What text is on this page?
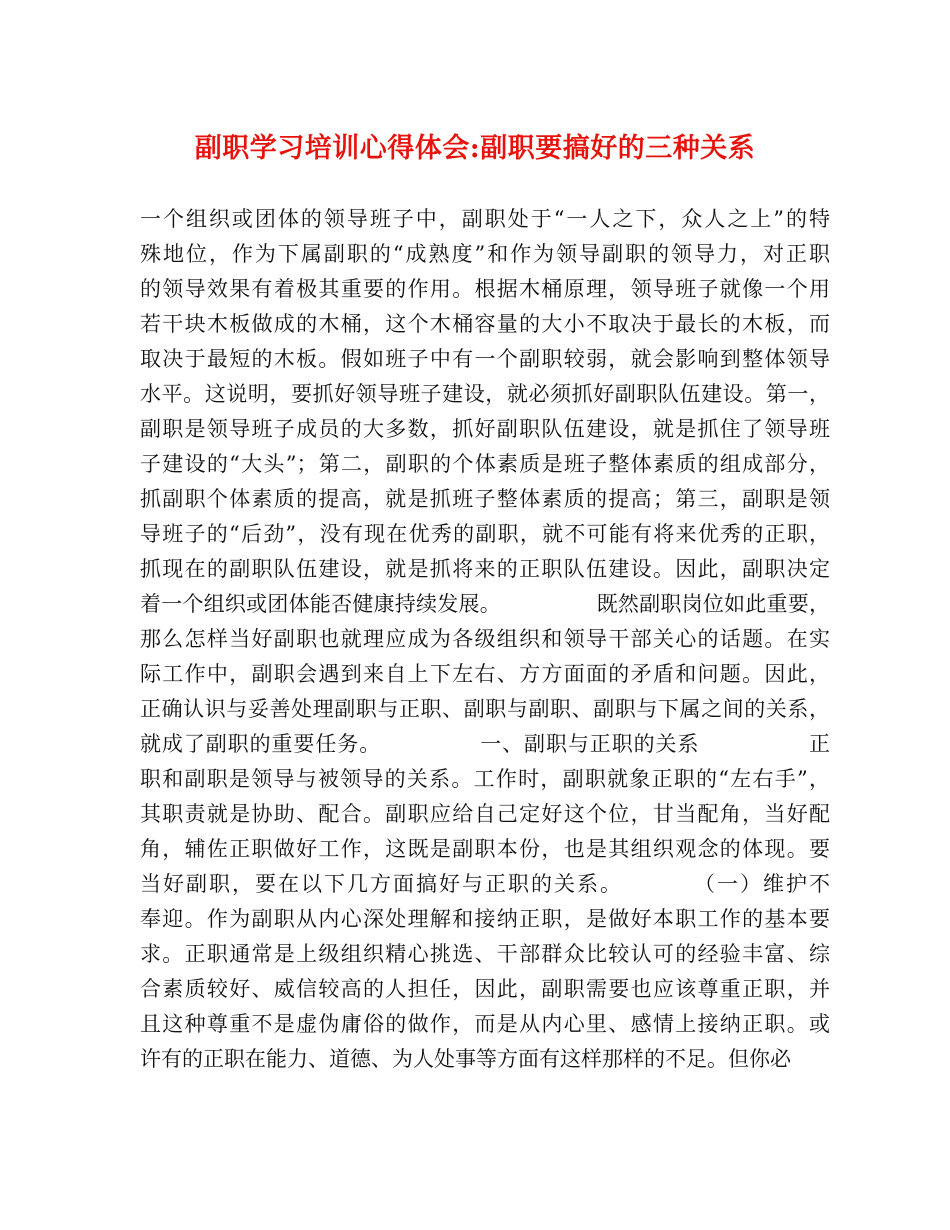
副职学习培训心得体会:副职要搞好的三种关系
一个组织或团体的领导班子中，副职处于“一人之下，众人之上”的特
殊地位，作为下属副职的“成熟度”和作为领导副职的领导力，对正职
的领导效果有着极其重要的作用。根据木桶原理，领导班子就像一个用
若干块木板做成的木桶，这个木桶容量的大小不取决于最长的木板，而
取决于最短的木板。假如班子中有一个副职较弱，就会影响到整体领导
水平。这说明，要抓好领导班子建设，就必须抓好副职队伍建设。第一，
副职是领导班子成员的大多数，抓好副职队伍建设，就是抓住了领导班
子建设的“大头”；第二，副职的个体素质是班子整体素质的组成部分，
抓副职个体素质的提高，就是抓班子整体素质的提高；第三，副职是领
导班子的“后劲”，没有现在优秀的副职，就不可能有将来优秀的正职，
抓现在的副职队伍建设，就是抓将来的正职队伍建设。因此，副职决定
着一个组织或团体能否健康持续发展。　　　　　既然副职岗位如此重要，
那么怎样当好副职也就理应成为各级组织和领导干部关心的话题。在实
际工作中，副职会遇到来自上下左右、方方面面的矛盾和问题。因此，
正确认识与妥善处理副职与正职、副职与副职、副职与下属之间的关系，
就成了副职的重要任务。　　　　　一、副职与正职的关系　　　　　正
职和副职是领导与被领导的关系。工作时，副职就象正职的“左右手”，
其职责就是协助、配合。副职应给自己定好这个位，甘当配角，当好配
角，辅佐正职做好工作，这既是副职本份，也是其组织观念的体现。要
当好副职，要在以下几方面搞好与正职的关系。　　　　（一）维护不
奉迎。作为副职从内心深处理解和接纳正职，是做好本职工作的基本要
求。正职通常是上级组织精心挑选、干部群众比较认可的经验丰富、综
合素质较好、威信较高的人担任，因此，副职需要也应该尊重正职，并
且这种尊重不是虚伪庸俗的做作，而是从内心里、感情上接纳正职。或
许有的正职在能力、道德、为人处事等方面有这样那样的不足。但你必
